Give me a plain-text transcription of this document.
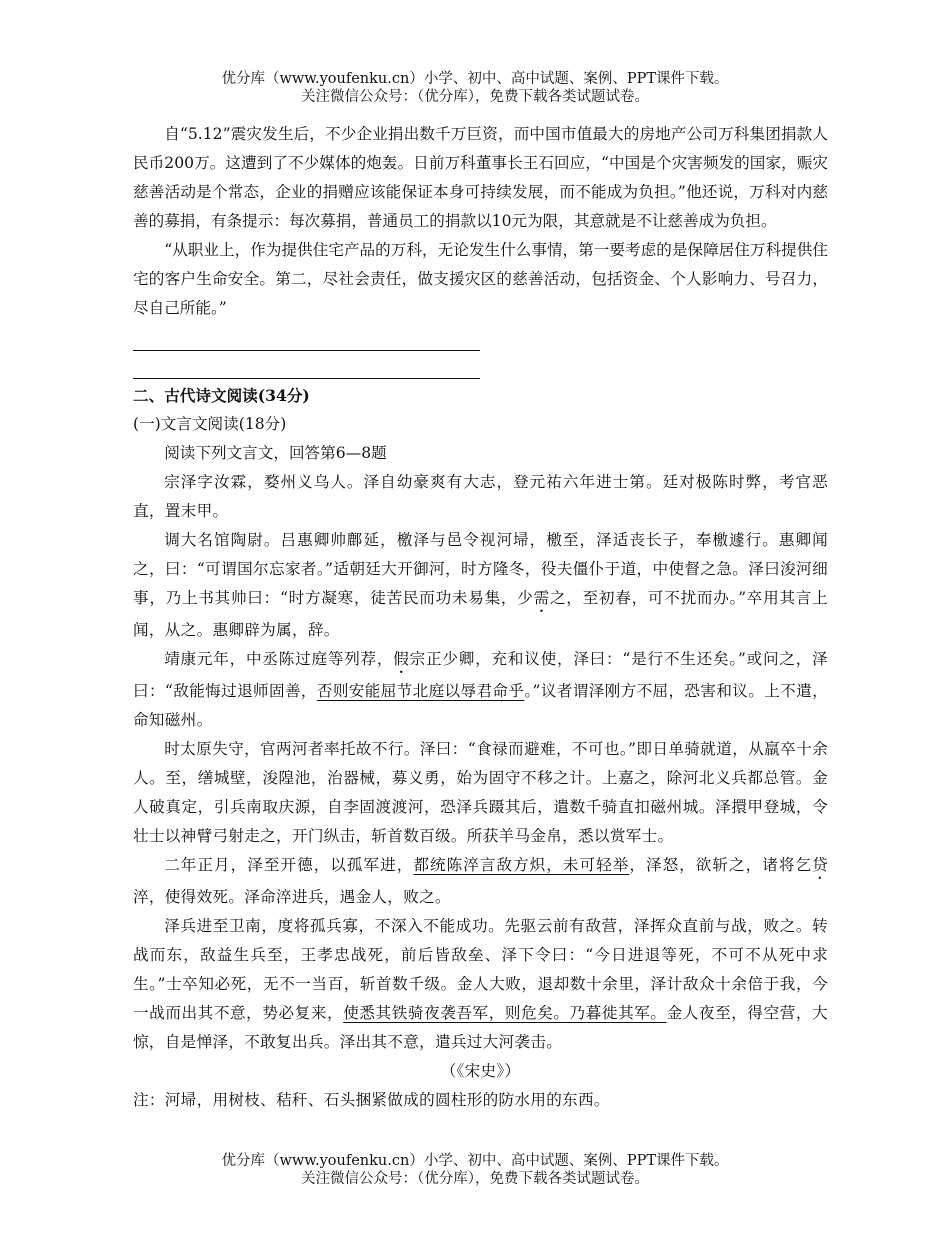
优分库（www.youfenku.cn）小学、初中、高中试题、案例、PPT课件下载。
关注微信公众号：（优分库），免费下载各类试题试卷。

自“5.12”震灾发生后，不少企业捐出数千万巨资，而中国市值最大的房地产公司万科集团捐款人民币200万。这遭到了不少媒体的炮轰。日前万科董事长王石回应，“中国是个灾害频发的国家，赈灾慈善活动是个常态，企业的捐赠应该能保证本身可持续发展，而不能成为负担。”他还说，万科对内慈善的募捐，有条提示：每次募捐，普通员工的捐款以10元为限，其意就是不让慈善成为负担。

“从职业上，作为提供住宅产品的万科，无论发生什么事情，第一要考虑的是保障居住万科提供住宅的客户生命安全。第二，尽社会责任，做支援灾区的慈善活动，包括资金、个人影响力、号召力，尽自己所能。”

二、古代诗文阅读(34分)

(一)文言文阅读(18分)

阅读下列文言文，回答第6—8题

宗泽字汝霖，婺州义乌人。泽自幼豪爽有大志，登元祐六年进士第。廷对极陈时弊，考官恶直，置末甲。

调大名馆陶尉。吕惠卿帅鄜延，檄泽与邑令视河埽，檄至，泽适丧长子，奉檄遽行。惠卿闻之，曰：“可谓国尔忘家者。”适朝廷大开御河，时方隆冬，役夫僵仆于道，中使督之急。泽曰浚河细事，乃上书其帅曰：“时方凝寒，徒苦民而功未易集，少需之，至初春，可不扰而办。”卒用其言上闻，从之。惠卿辟为属，辞。

靖康元年，中丞陈过庭等列荐，假宗正少卿，充和议使，泽曰：“是行不生还矣。”或问之，泽曰：“敌能悔过退师固善，否则安能屈节北庭以辱君命乎。”议者谓泽刚方不屈，恐害和议。上不遣，命知磁州。

时太原失守，官两河者率托故不行。泽曰：“食禄而避难，不可也。”即日单骑就道，从羸卒十余人。至，缮城壁，浚隍池，治器械，募义勇，始为固守不移之计。上嘉之，除河北义兵都总管。金人破真定，引兵南取庆源，自李固渡渡河，恐泽兵蹑其后，遣数千骑直扣磁州城。泽擐甲登城，令壮士以神臂弓射走之，开门纵击，斩首数百级。所获羊马金帛，悉以赏军士。

二年正月，泽至开德，以孤军进，都统陈淬言敌方炽，未可轻举，泽怒，欲斩之，诸将乞贷淬，使得效死。泽命淬进兵，遇金人，败之。

泽兵进至卫南，度将孤兵寡，不深入不能成功。先驱云前有敌营，泽挥众直前与战，败之。转战而东，敌益生兵至，王孝忠战死，前后皆敌垒、泽下令曰：“今日进退等死，不可不从死中求生。”士卒知必死，无不一当百，斩首数千级。金人大败，退却数十余里，泽计敌众十余倍于我，今一战而出其不意，势必复来，使悉其铁骑夜袭吾军，则危矣。乃暮徙其军。金人夜至，得空营，大惊，自是惮泽，不敢复出兵。泽出其不意，遣兵过大河袭击。

（《宋史》）

注：河埽，用树枝、秸秆、石头捆紧做成的圆柱形的防水用的东西。

优分库（www.youfenku.cn）小学、初中、高中试题、案例、PPT课件下载。
关注微信公众号：（优分库），免费下载各类试题试卷。
